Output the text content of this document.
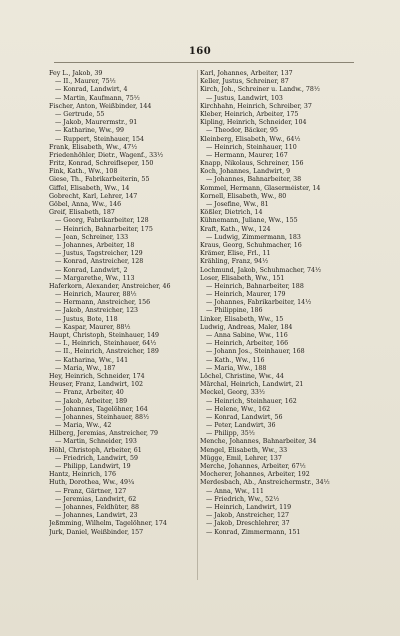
160
Fey L., Jakob, 39
— II., Maurer, 75½
— Konrad, Landwirt, 4
— Martin, Kaufmann, 75½
Fischer, Anton, Weißbinder, 144
— Gertrude, 55
— Jakob, Maurermstr., 91
— Katharine, Ww., 99
— Ruppert, Steinhauer, 154
Frank, Elisabeth, Ww., 47½
Friedenhöhler, Dietr., Wagenf., 33½
Fritz, Konrad, Schreiflseper, 150
Fink, Kath., Ww., 108
Giese, Th., Fabrikarbeiterin, 55
Giffel, Elisabeth, Ww., 14
Gobrecht, Karl, Lehrer, 147
Göbel, Anna, Ww., 146
Greif, Elisabeth, 187
— Georg, Fabrikarbeiter, 128
— Heinrich, Bahnarbeiter, 175
— Jean, Schreiner, 133
— Johannes, Arbeiter, 18
— Justus, Tagstreicher, 129
— Konrad, Anstreicher, 128
— Konrad, Landwirt, 2
— Margarethe, Ww., 113
Haferkorn, Alexander, Anstreicher, 46
— Heinrich, Maurer, 88½
— Hermann, Anstreicher, 156
— Jakob, Anstreicher, 123
— Justus, Bote, 118
— Kaspar, Maurer, 88½
Haupt, Christoph, Steinhauer, 149
— I., Heinrich, Steinhauer, 64½
— II., Heinrich, Anstreicher, 189
— Katharina, Ww., 141
— Maria, Ww., 187
Hey, Heinrich, Schneider, 174
Heuser, Franz, Landwirt, 102
— Franz, Arbeiter, 40
— Jakob, Arbeiter, 189
— Johannes, Tagelöhner, 164
— Johannes, Steinhauer, 88½
— Maria, Ww., 42
Hilberg, Jeremias, Anstreicher, 79
— Martin, Schneider, 193
Höhl, Christoph, Arbeiter, 61
— Friedrich, Landwirt, 59
— Philipp, Landwirt, 19
Hantz, Heinrich, 176
Huth, Dorothea, Ww., 49¼
— Franz, Gärtner, 127
— Jeremias, Landwirt, 62
— Johannes, Feldhüter, 88
— Johannes, Landwirt, 23
Jeßmming, Wilhelm, Tagelöhner, 174
Jurk, Daniel, Weißbinder, 157
Karl, Johannes, Arbeiter, 137
Keller, Justus, Schreiner, 87
Kirch, Joh., Schreiner u. Landw., 78½
— Justus, Landwirt, 103
Kirchhahn, Heinrich, Schreiber, 37
Kleber, Heinrich, Arbeiter, 175
Kipling, Heinrich, Schneider, 104
— Theodor, Bäcker, 95
Kleinberg, Elisabeth, Ww., 64½
— Heinrich, Steinhauer, 110
— Hermann, Maurer, 167
Knapp, Nikolaus, Schreiner, 156
Koch, Johannes, Landwirt, 9
— Johannes, Bahnarbeiter, 38
Kommel, Hermann, Glaserméister, 14
Kornell, Elisabeth, Ww., 80
— Josefine, Ww., 81
Kößler, Dietrich, 14
Kühnemann, Juliane, Ww., 155
Kraft, Kath., Ww., 124
— Ludwig, Zimmermann, 183
Kraus, Georg, Schuhmacher, 16
Krämer, Elise, Frl., 11
Krähling, Franz, 94½
Lochmund, Jakob, Schuhmacher, 74½
Loser, Elisabeth, Ww., 151
— Heinrich, Bahnarbeiter, 188
— Heinrich, Maurer, 179
— Johannes, Fabrikarbeiter, 14½
— Philippine, 186
Linker, Elisabeth, Ww., 15
Ludwig, Andreas, Maler, 184
— Anna Sabine, Ww., 116
— Heinrich, Arbeiter, 166
— Johann Jos., Steinhauer, 168
— Kath., Ww., 116
— Maria, Ww., 188
Löchel, Christine, Ww., 44
Märchal, Heinrich, Landwirt, 21
Meckel, Georg, 33½
— Heinrich, Steinhauer, 162
— Helene, Ww., 162
— Konrad, Landwirt, 56
— Peter, Landwirt, 36
— Philipp, 35½
Menche, Johannes, Bahnarbeiter, 34
Mengel, Elisabeth, Ww., 33
Mügge, Emil, Lehrer, 137
Merche, Johannes, Arbeiter, 67½
Mocherer, Johannes, Arbeiter, 192
Merdesbach, Ab., Anstreichermstr., 34½
— Anna, Ww., 111
— Friedrich, Ww., 52½
— Heinrich, Landwirt, 119
— Jakob, Anstreicher, 127
— Jakob, Dreschlehrer, 37
— Konrad, Zimmermann, 151
